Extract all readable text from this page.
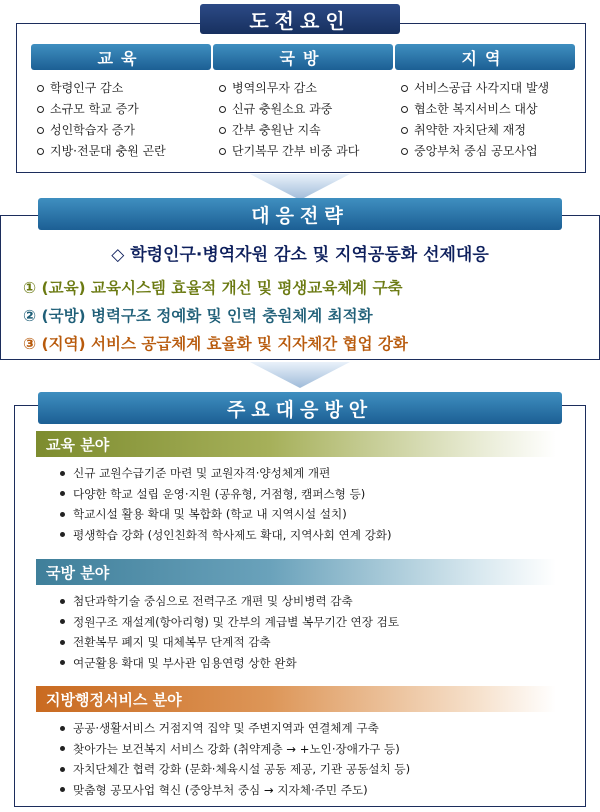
교육
학령인구 감소
소규모 학교 증가
성인학습자 증가
지방·전문대 충원 곤란
국방
병역의무자 감소
신규 충원소요 과중
간부 충원난 지속
단기복무 간부 비중 과다
지역
서비스공급 사각지대 발생
협소한 복지서비스 대상
취약한 자치단체 재정
중앙부처 중심 공모사업
도전요인
◇ 학령인구·병역자원 감소 및 지역공동화 선제대응
① (교육) 교육시스템 효율적 개선 및 평생교육체계 구축
② (국방) 병력구조 정예화 및 인력 충원체계 최적화
③ (지역) 서비스 공급체계 효율화 및 지자체간 협업 강화
대응전략
주요대응방안
교육 분야
신규 교원수급기준 마련 및 교원자격·양성체계 개편
다양한 학교 설립 운영·지원 (공유형, 거점형, 캠퍼스형 등)
학교시설 활용 확대 및 복합화 (학교 내 지역시설 설치)
평생학습 강화 (성인친화적 학사제도 확대, 지역사회 연계 강화)
국방 분야
첨단과학기술 중심으로 전력구조 개편 및 상비병력 감축
정원구조 재설계(항아리형) 및 간부의 계급별 복무기간 연장 검토
전환복무 폐지 및 대체복무 단계적 감축
여군활용 확대 및 부사관 임용연령 상한 완화
지방행정서비스 분야
공공·생활서비스 거점지역 집약 및 주변지역과 연결체계 구축
찾아가는 보건복지 서비스 강화 (취약계층 → +노인·장애가구 등)
자치단체간 협력 강화 (문화·체육시설 공동 제공, 기관 공동설치 등)
맞춤형 공모사업 혁신 (중앙부처 중심 → 지자체·주민 주도)
